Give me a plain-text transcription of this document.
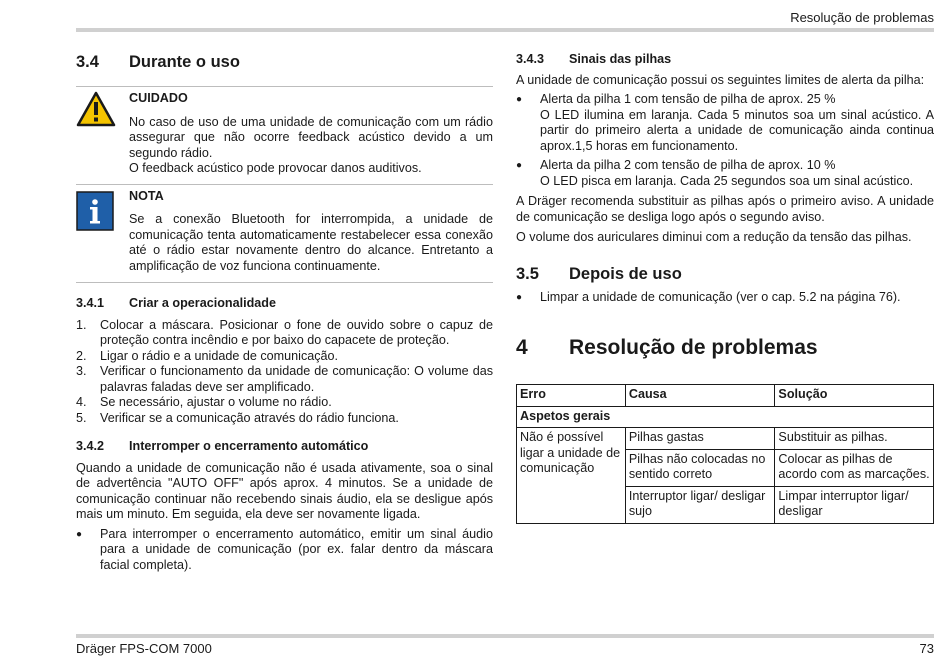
Resolução de problemas
3.4	Durante o uso
CUIDADO
No caso de uso de uma unidade de comunicação com um rádio assegurar que não ocorre feedback acústico devido a um segundo rádio.
O feedback acústico pode provocar danos auditivos.
NOTA
Se a conexão Bluetooth for interrompida, a unidade de comunicação tenta automaticamente restabelecer essa conexão até o rádio estar novamente dentro do alcance. Entretanto a amplificação de voz funciona continuamente.
3.4.1	Criar a operacionalidade
1.	Colocar a máscara. Posicionar o fone de ouvido sobre o capuz de proteção contra incêndio e por baixo do capacete de proteção.
2.	Ligar o rádio e a unidade de comunicação.
3.	Verificar o funcionamento da unidade de comunicação: O volume das palavras faladas deve ser amplificado.
4.	Se necessário, ajustar o volume no rádio.
5.	Verificar se a comunicação através do rádio funciona.
3.4.2	Interromper o encerramento automático
Quando a unidade de comunicação não é usada ativamente, soa o sinal de advertência "AUTO OFF" após aprox. 4 minutos. Se a unidade de comunicação continuar não recebendo sinais áudio, ela se desligue após mais um minuto. Em seguida, ela deve ser novamente ligada.
●	Para interromper o encerramento automático, emitir um sinal áudio para a unidade de comunicação (por ex. falar dentro da máscara facial completa).
3.4.3	Sinais das pilhas
A unidade de comunicação possui os seguintes limites de alerta da pilha:
●	Alerta da pilha 1 com tensão de pilha de aprox. 25 %
O LED ilumina em laranja. Cada 5 minutos soa um sinal acústico. A partir do primeiro alerta a unidade de comunicação ainda continua aprox.1,5 horas em funcionamento.
●	Alerta da pilha 2 com tensão de pilha de aprox. 10 %
O LED pisca em laranja. Cada 25 segundos soa um sinal acústico.
A Dräger recomenda substituir as pilhas após o primeiro aviso. A unidade de comunicação se desliga logo após o segundo aviso.
O volume dos auriculares diminui com a redução da tensão das pilhas.
3.5	Depois de uso
●	Limpar a unidade de comunicação (ver o cap. 5.2 na página 76).
4	Resolução de problemas
Erro	Causa	Solução
Aspetos gerais		
Não é possível ligar a unidade de comunicação	Pilhas gastas	Substituir as pilhas.
	Pilhas não colocadas no sentido correto	Colocar as pilhas de acordo com as marcações.
	Interruptor ligar/ desligar sujo	Limpar interruptor ligar/ desligar
Dräger FPS-COM 7000	73
